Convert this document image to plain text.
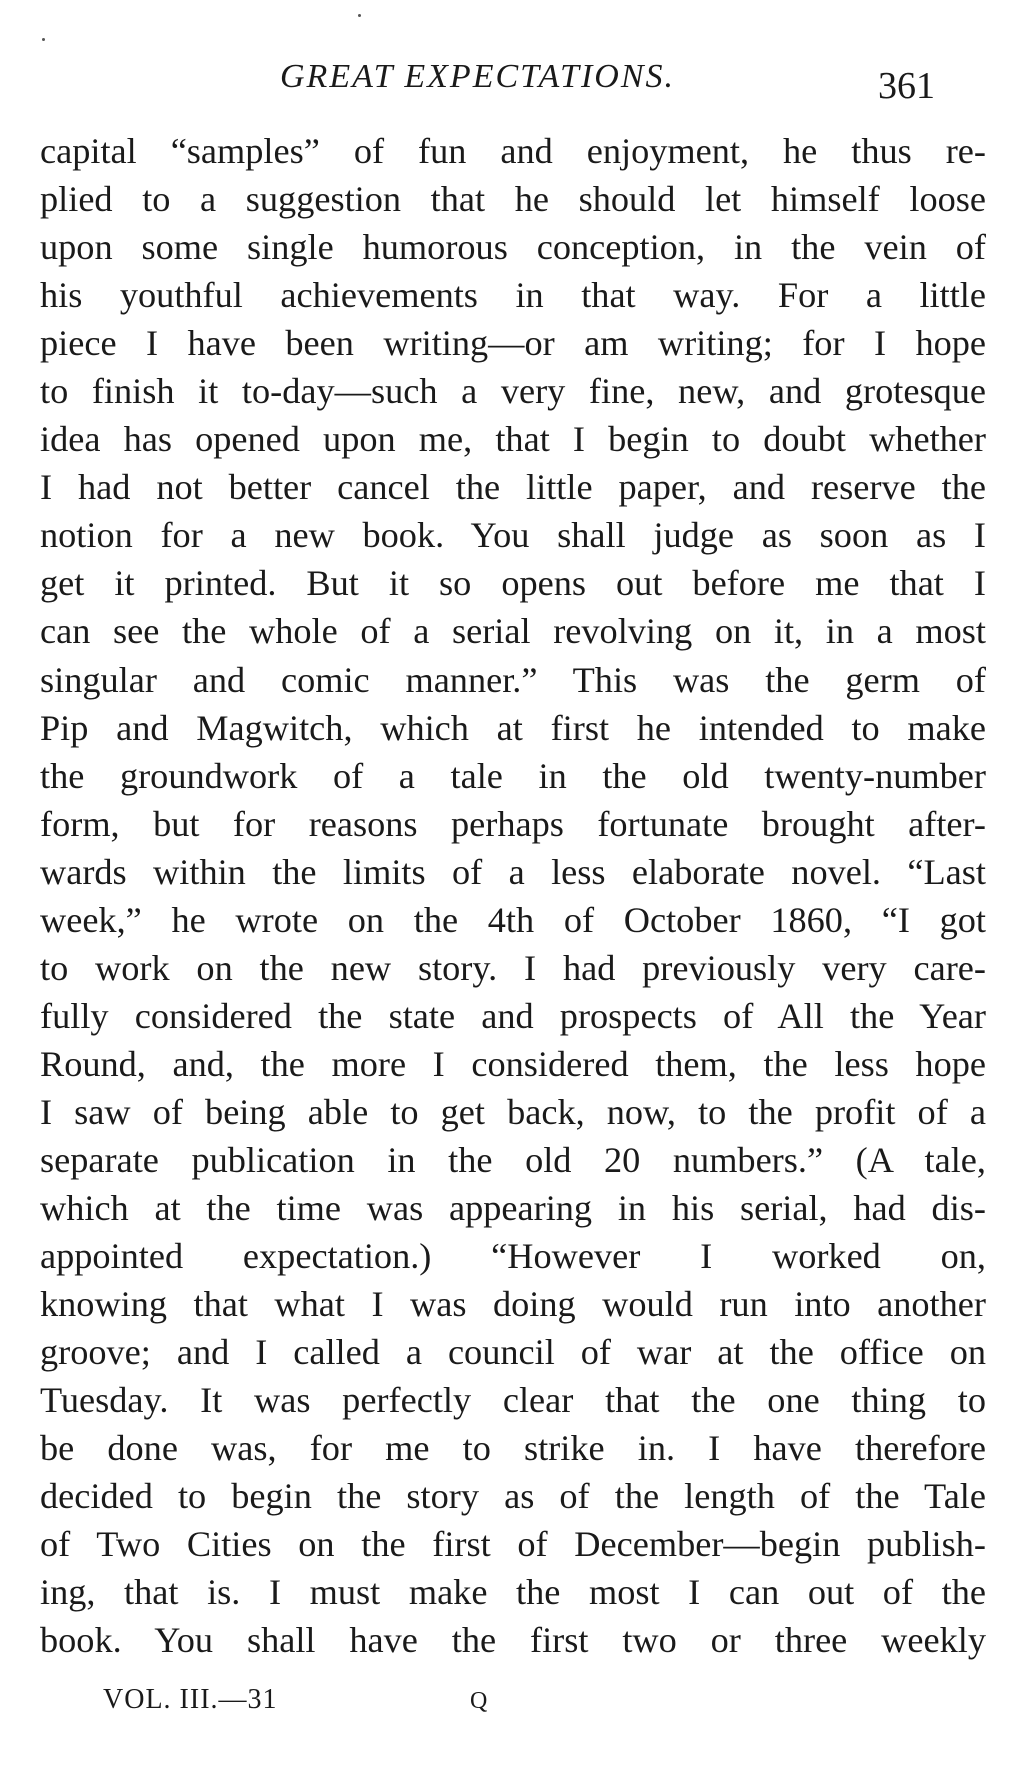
GREAT EXPECTATIONS.	361
capital “samples” of fun and enjoyment, he thus re-
plied to a suggestion that he should let himself loose
upon some single humorous conception, in the vein of
his youthful achievements in that way. For a little
piece I have been writing—or am writing; for I hope
to finish it to-day—such a very fine, new, and grotesque
idea has opened upon me, that I begin to doubt whether
I had not better cancel the little paper, and reserve the
notion for a new book. You shall judge as soon as I
get it printed. But it so opens out before me that I
can see the whole of a serial revolving on it, in a most
singular and comic manner.” This was the germ of
Pip and Magwitch, which at first he intended to make
the groundwork of a tale in the old twenty-number
form, but for reasons perhaps fortunate brought after-
wards within the limits of a less elaborate novel. “Last
week,” he wrote on the 4th of October 1860, “I got
to work on the new story. I had previously very care-
fully considered the state and prospects of All the Year
Round, and, the more I considered them, the less hope
I saw of being able to get back, now, to the profit of a
separate publication in the old 20 numbers.” (A tale,
which at the time was appearing in his serial, had dis-
appointed expectation.) “However I worked on,
knowing that what I was doing would run into another
groove; and I called a council of war at the office on
Tuesday. It was perfectly clear that the one thing to
be done was, for me to strike in. I have therefore
decided to begin the story as of the length of the Tale
of Two Cities on the first of December—begin publish-
ing, that is. I must make the most I can out of the
book. You shall have the first two or three weekly
VOL. III.—31	Q
